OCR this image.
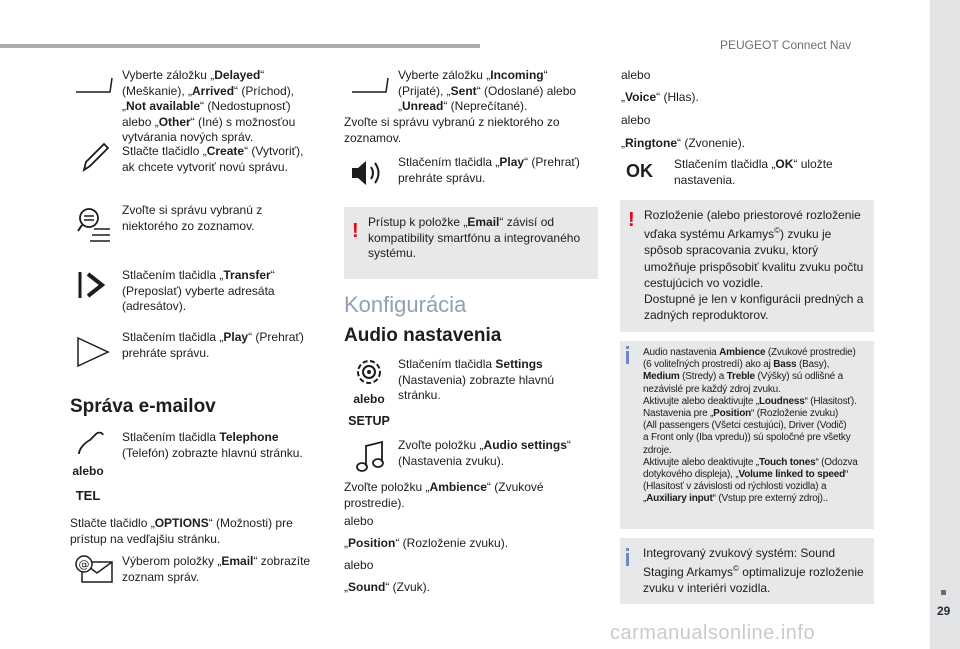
PEUGEOT Connect Nav
29
carmanualsonline.info
Vyberte záložku „Delayed“ (Meškanie), „Arrived“ (Príchod), „Not available“ (Nedostupnosť) alebo „Other“ (Iné) s možnosťou vytvárania nových správ.
Stlačte tlačidlo „Create“ (Vytvoriť), ak chcete vytvoriť novú správu.
Zvoľte si správu vybranú z niektorého zo zoznamov.
Stlačením tlačidla „Transfer“ (Preposlať) vyberte adresáta (adresátov).
Stlačením tlačidla „Play“ (Prehrať) prehráte správu.
Správa e-mailov
alebo
TEL
Stlačením tlačidla Telephone (Telefón) zobrazte hlavnú stránku.
Stlačte tlačidlo „OPTIONS“ (Možnosti) pre prístup na vedľajšiu stránku.
@	Výberom položky „Email“ zobrazíte zoznam správ.
Vyberte záložku „Incoming“ (Prijaté), „Sent“ (Odoslané) alebo „Unread“ (Neprečítané).
Zvoľte si správu vybranú z niektorého zo zoznamov.
Stlačením tlačidla „Play“ (Prehrať) prehráte správu.
! Prístup k položke „Email“ závisí od kompatibility smartfónu a integrovaného systému.
Konfigurácia
Audio nastavenia
alebo
SETUP
Stlačením tlačidla Settings (Nastavenia) zobrazte hlavnú stránku.
Zvoľte položku „Audio settings“ (Nastavenia zvuku).
Zvoľte položku „Ambience“ (Zvukové prostredie).
alebo
„Position“ (Rozloženie zvuku).
alebo
„Sound“ (Zvuk).
alebo
„Voice“ (Hlas).
alebo
„Ringtone“ (Zvonenie).
OK Stlačením tlačidla „OK“ uložte nastavenia.
! Rozloženie (alebo priestorové rozloženie vďaka systému Arkamys©) zvuku je spôsob spracovania zvuku, ktorý umožňuje prispôsobiť kvalitu zvuku počtu cestujúcich vo vozidle.
Dostupné je len v konfigurácii predných a zadných reproduktorov.
Audio nastavenia Ambience (Zvukové prostredie)
(6 voliteľných prostredí) ako aj Bass (Basy),
Medium (Stredy) a Treble (Výšky) sú odlišné a
nezávislé pre každý zdroj zvuku.
Aktivujte alebo deaktivujte „Loudness“ (Hlasitosť).
Nastavenia pre „Position“ (Rozloženie zvuku)
(All passengers (Všetci cestujúci), Driver (Vodič)
a Front only (Iba vpredu)) sú spoločné pre všetky
zdroje.
Aktivujte alebo deaktivujte „Touch tones“ (Odozva
dotykového displeja), „Volume linked to speed“
(Hlasitosť v závislosti od rýchlosti vozidla) a
„Auxiliary input“ (Vstup pre externý zdroj)..
Integrovaný zvukový systém: Sound Staging Arkamys© optimalizuje rozloženie zvuku v interiéri vozidla.
